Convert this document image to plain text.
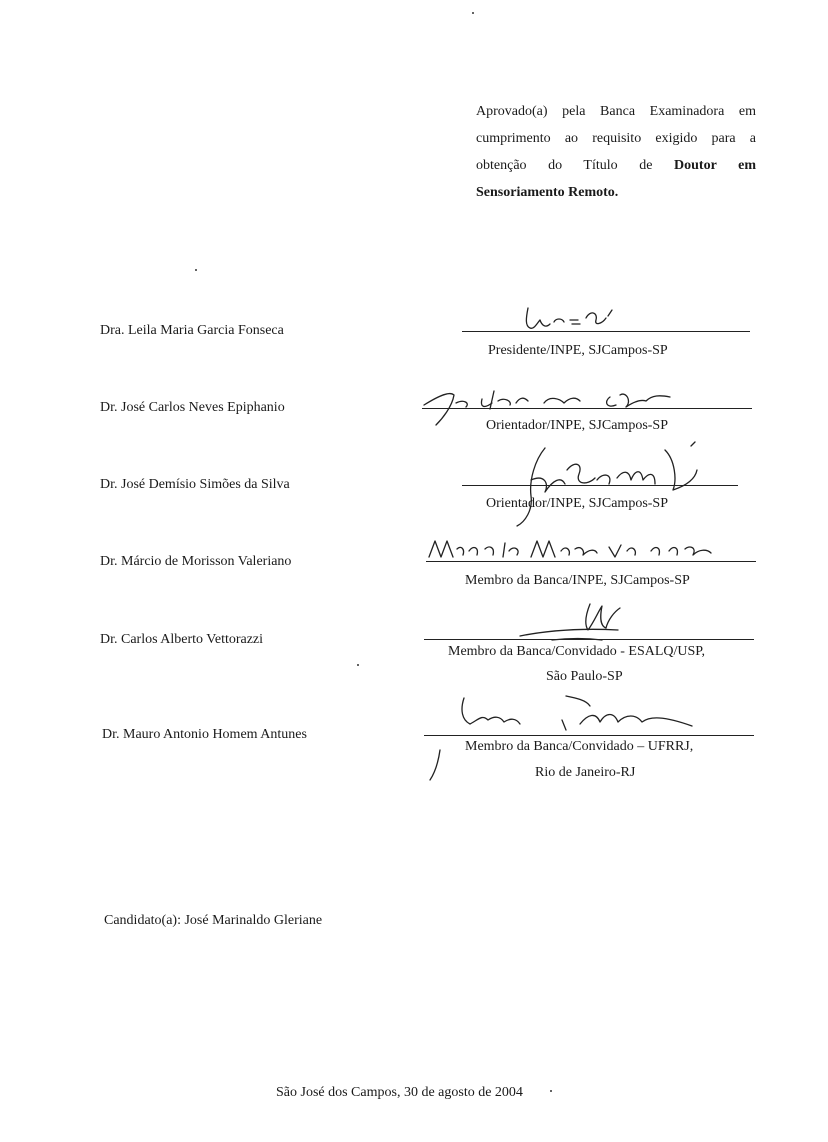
Aprovado(a) pela Banca Examinadora em
cumprimento ao requisito exigido para a
obtenção do Título de Doutor em
Sensoriamento Remoto.
Dra. Leila Maria Garcia Fonseca
Presidente/INPE, SJCampos-SP
Dr. José Carlos Neves Epiphanio
Orientador/INPE, SJCampos-SP
Dr. José Demísio Simões da Silva
Orientador/INPE, SJCampos-SP
Dr. Márcio de Morisson Valeriano
Membro da Banca/INPE, SJCampos-SP
Dr. Carlos Alberto Vettorazzi
Membro da Banca/Convidado - ESALQ/USP,
São Paulo-SP
Dr. Mauro Antonio Homem Antunes
Membro da Banca/Convidado – UFRRJ,
Rio de Janeiro-RJ
Candidato(a): José Marinaldo Gleriane
São José dos Campos, 30 de agosto de 2004
